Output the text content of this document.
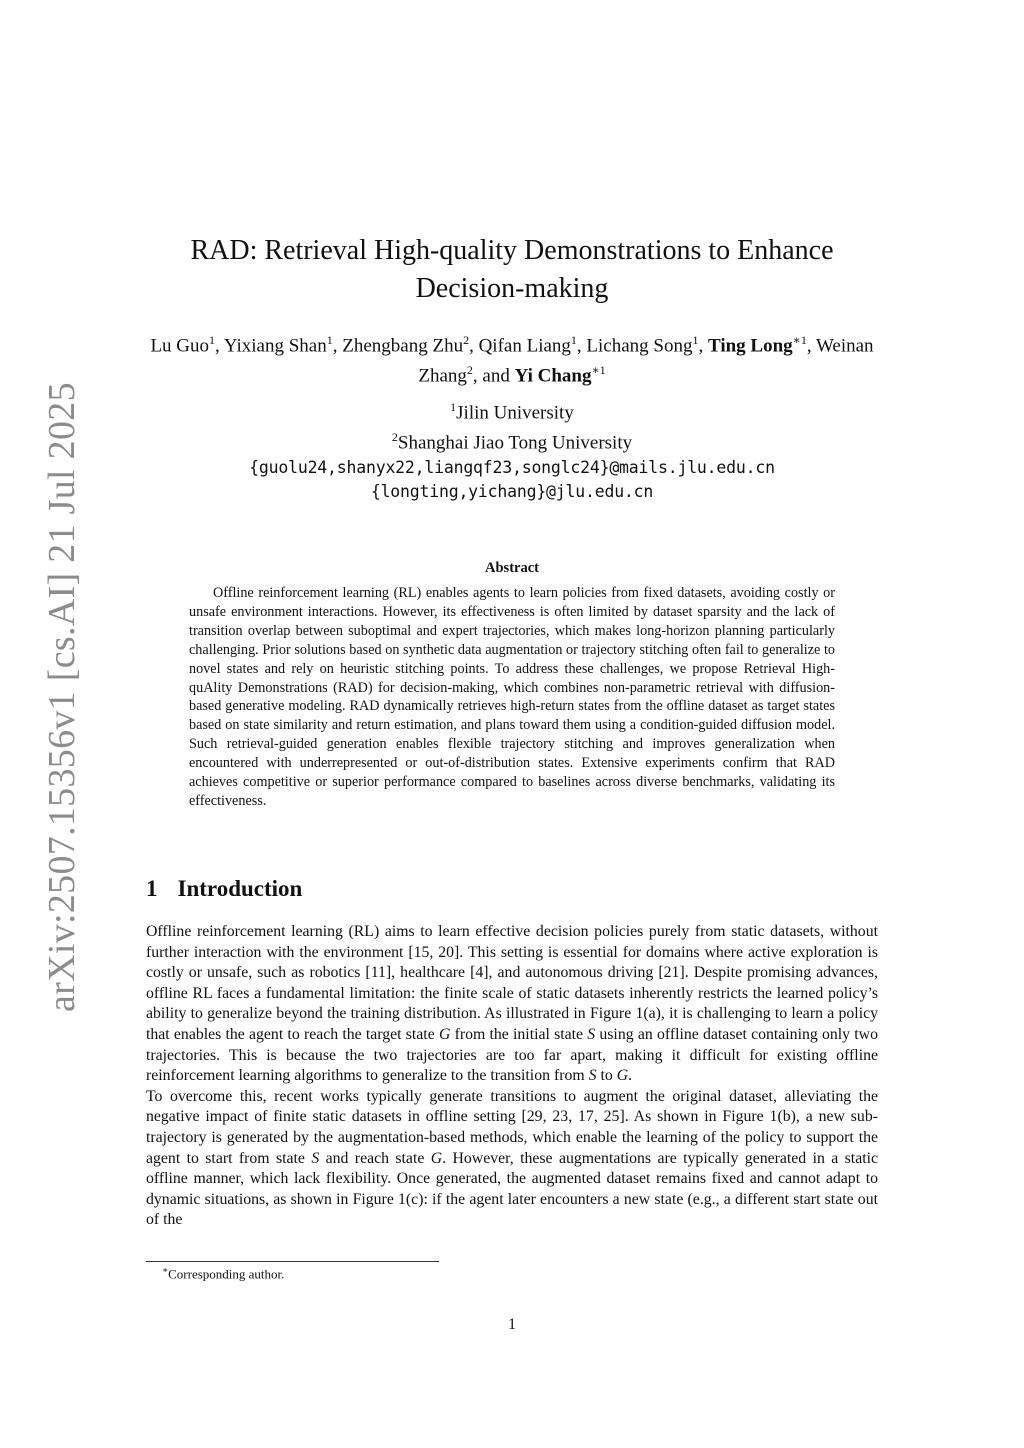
arXiv:2507.15356v1 [cs.AI] 21 Jul 2025
RAD: Retrieval High-quality Demonstrations to Enhance
Decision-making
Lu Guo$^1$, Yixiang Shan$^1$, Zhengbang Zhu$^2$, Qifan Liang$^1$, Lichang Song$^1$, Ting Long$^{∗1}$, Weinan Zhang$^2$, and Yi Chang$^{∗1}$
$^1$Jilin University
$^2$Shanghai Jiao Tong University
{guolu24,shanyx22,liangqf23,songlc24}@mails.jlu.edu.cn
{longting,yichang}@jlu.edu.cn
Abstract

Offline reinforcement learning (RL) enables agents to learn policies from fixed datasets, avoiding costly or unsafe environment interactions. However, its effectiveness is often limited by dataset sparsity and the lack of transition overlap between suboptimal and expert trajectories, which makes long-horizon planning particularly challenging. Prior solutions based on synthetic data augmentation or trajectory stitching often fail to generalize to novel states and rely on heuristic stitching points. To address these challenges, we propose Retrieval High-quAlity Demonstrations (RAD) for decision-making, which combines non-parametric retrieval with diffusion-based generative modeling. RAD dynamically retrieves high-return states from the offline dataset as target states based on state similarity and return estimation, and plans toward them using a condition-guided diffusion model. Such retrieval-guided generation enables flexible trajectory stitching and improves generalization when encountered with underrepresented or out-of-distribution states. Extensive experiments confirm that RAD achieves competitive or superior performance compared to baselines across diverse benchmarks, validating its effectiveness.

1 Introduction

Offline reinforcement learning (RL) aims to learn effective decision policies purely from static datasets, without further interaction with the environment [15, 20]. This setting is essential for domains where active exploration is costly or unsafe, such as robotics [11], healthcare [4], and autonomous driving [21]. Despite promising advances, offline RL faces a fundamental limitation: the finite scale of static datasets inherently restricts the learned policy’s ability to generalize beyond the training distribution. As illustrated in Figure 1(a), it is challenging to learn a policy that enables the agent to reach the target state G from the initial state S using an offline dataset containing only two trajectories. This is because the two trajectories are too far apart, making it difficult for existing offline reinforcement learning algorithms to generalize to the transition from S to G.

To overcome this, recent works typically generate transitions to augment the original dataset, alleviating the negative impact of finite static datasets in offline setting [29, 23, 17, 25]. As shown in Figure 1(b), a new sub-trajectory is generated by the augmentation-based methods, which enable the learning of the policy to support the agent to start from state S and reach state G. However, these augmentations are typically generated in a static offline manner, which lack flexibility. Once generated, the augmented dataset remains fixed and cannot adapt to dynamic situations, as shown in Figure 1(c): if the agent later encounters a new state (e.g., a different start state out of the

∗Corresponding author.
1
